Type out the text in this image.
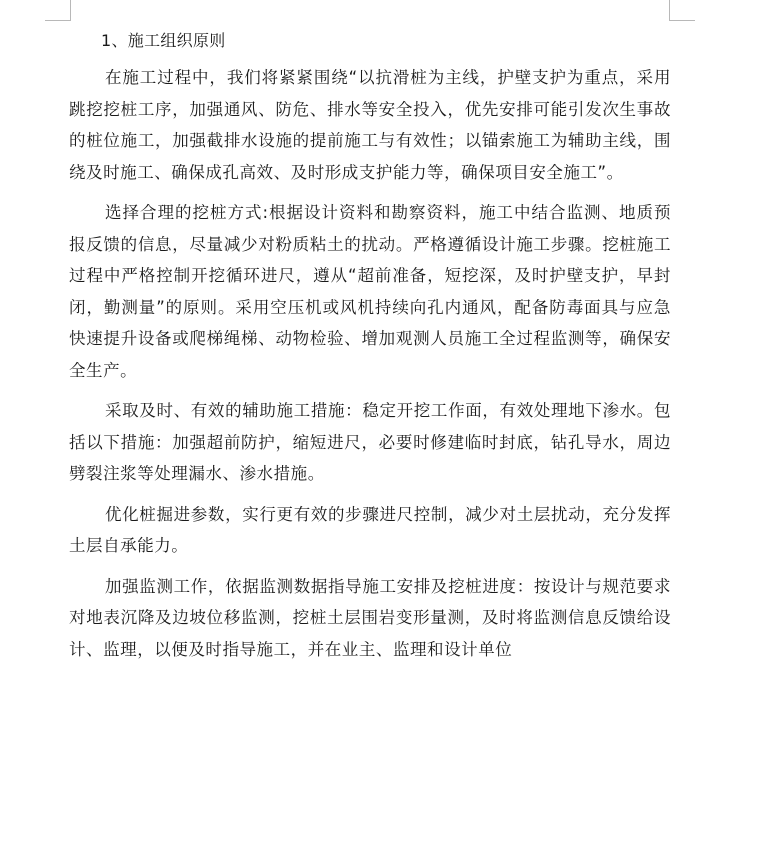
1、施工组织原则

在施工过程中，我们将紧紧围绕“以抗滑桩为主线，护壁支护为重点，采用跳挖挖桩工序，加强通风、防危、排水等安全投入，优先安排可能引发次生事故的桩位施工，加强截排水设施的提前施工与有效性；以锚索施工为辅助主线，围绕及时施工、确保成孔高效、及时形成支护能力等，确保项目安全施工”。

选择合理的挖桩方式:根据设计资料和勘察资料，施工中结合监测、地质预报反馈的信息，尽量减少对粉质粘土的扰动。严格遵循设计施工步骤。挖桩施工过程中严格控制开挖循环进尺，遵从“超前准备，短挖深，及时护壁支护，早封闭，勤测量”的原则。采用空压机或风机持续向孔内通风，配备防毒面具与应急快速提升设备或爬梯绳梯、动物检验、增加观测人员施工全过程监测等，确保安全生产。

采取及时、有效的辅助施工措施：稳定开挖工作面，有效处理地下渗水。包括以下措施：加强超前防护，缩短进尺，必要时修建临时封底，钻孔导水，周边劈裂注浆等处理漏水、渗水措施。

优化桩掘进参数，实行更有效的步骤进尺控制，减少对土层扰动，充分发挥土层自承能力。

加强监测工作，依据监测数据指导施工安排及挖桩进度：按设计与规范要求对地表沉降及边坡位移监测，挖桩土层围岩变形量测，及时将监测信息反馈给设计、监理，以便及时指导施工，并在业主、监理和设计单位
